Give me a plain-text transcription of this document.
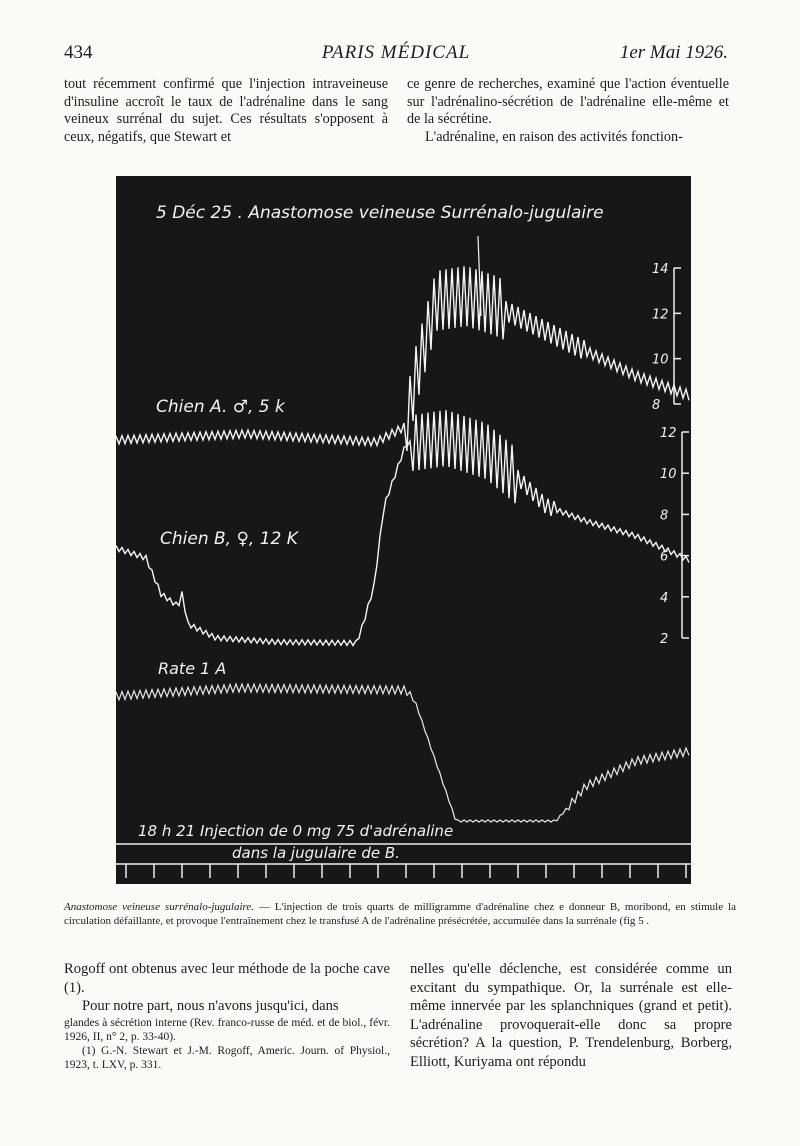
434	PARIS MÉDICAL	1er Mai 1926.

tout récemment confirmé que l'injection intraveineuse d'insuline accroît le taux de l'adrénaline dans le sang veineux surrénal du sujet. Ces résultats s'opposent à ceux, négatifs, que Stewart et

ce genre de recherches, examiné que l'action éventuelle sur l'adrénalino-sécrétion de l'adrénaline elle-même et de la sécrétine.

L'adrénaline, en raison des activités fonction-

5 Déc 25 . Anastomose veineuse Surrénalo-jugulaire
Chien A. ♂, 5 k
Chien B, ♀, 12 K
Rate 1 A
18 h 21 Injection de 0 mg 75 d'adrénaline
dans la jugulaire de B.
14
12
10
8
12
10
8
6
4
2
Anastomose veineuse surrénalo-jugulaire. — L'injection de trois quarts de milligramme d'adrénaline chez e donneur B, moribond, en stimule la circulation défaillante, et provoque l'entraînement chez le transfusé A de l'adrénaline présécrétée, accumulée dans la surrénale (fig 5 .

Rogoff ont obtenus avec leur méthode de la poche cave (1).

Pour notre part, nous n'avons jusqu'ici, dans

glandes à sécrétion interne (Rev. franco-russe de méd. et de biol., févr. 1926, II, n° 2, p. 33-40).

(1) G.-N. Stewart et J.-M. Rogoff, Americ. Journ. of Physiol., 1923, t. LXV, p. 331.

nelles qu'elle déclenche, est considérée comme un excitant du sympathique. Or, la surrénale est elle-même innervée par les splanchniques (grand et petit). L'adrénaline provoquerait-elle donc sa propre sécrétion? A la question, P. Trendelenburg, Borberg, Elliott, Kuriyama ont répondu
